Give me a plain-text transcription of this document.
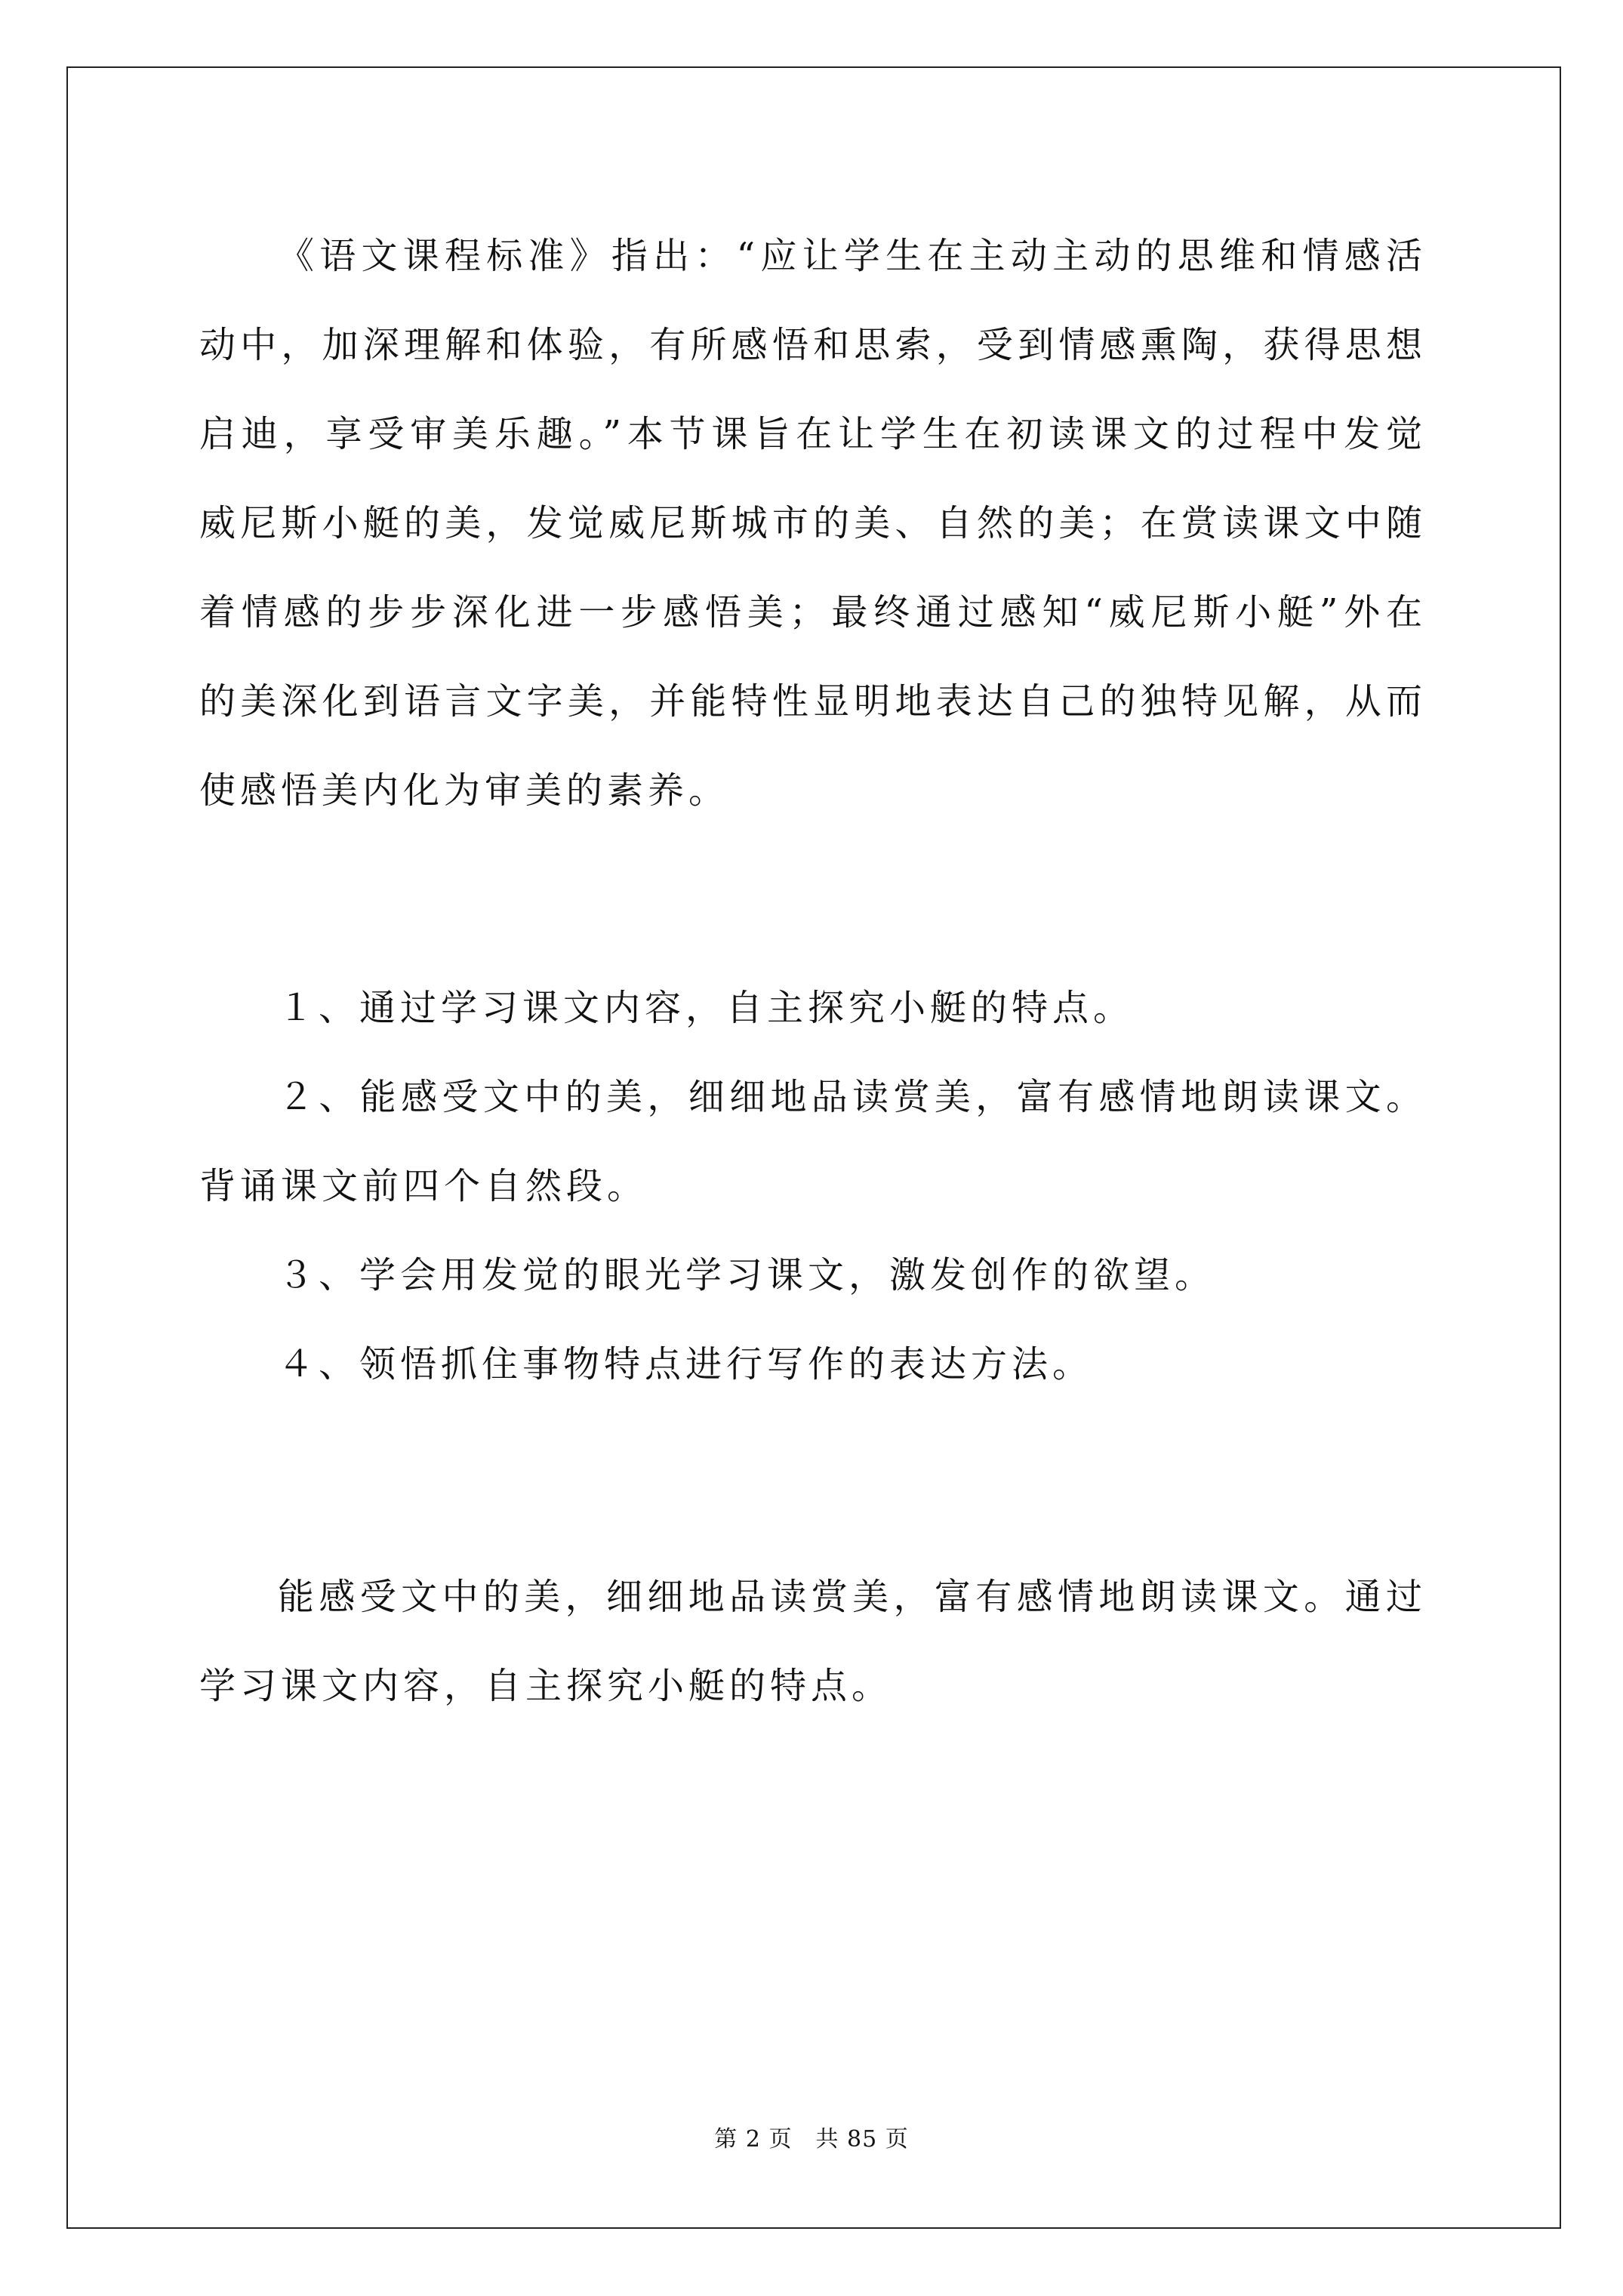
《语文课程标准》指出：“应让学生在主动主动的思维和情感活动中，加深理解和体验，有所感悟和思索，受到情感熏陶，获得思想启迪，享受审美乐趣。”本节课旨在让学生在初读课文的过程中发觉威尼斯小艇的美，发觉威尼斯城市的美、自然的美；在赏读课文中随着情感的步步深化进一步感悟美；最终通过感知“威尼斯小艇”外在的美深化到语言文字美，并能特性显明地表达自己的独特见解，从而使感悟美内化为审美的素养。

１、通过学习课文内容，自主探究小艇的特点。

２、能感受文中的美，细细地品读赏美，富有感情地朗读课文。背诵课文前四个自然段。

３、学会用发觉的眼光学习课文，激发创作的欲望。

４、领悟抓住事物特点进行写作的表达方法。

能感受文中的美，细细地品读赏美，富有感情地朗读课文。通过学习课文内容，自主探究小艇的特点。

第 2 页　共 85 页
